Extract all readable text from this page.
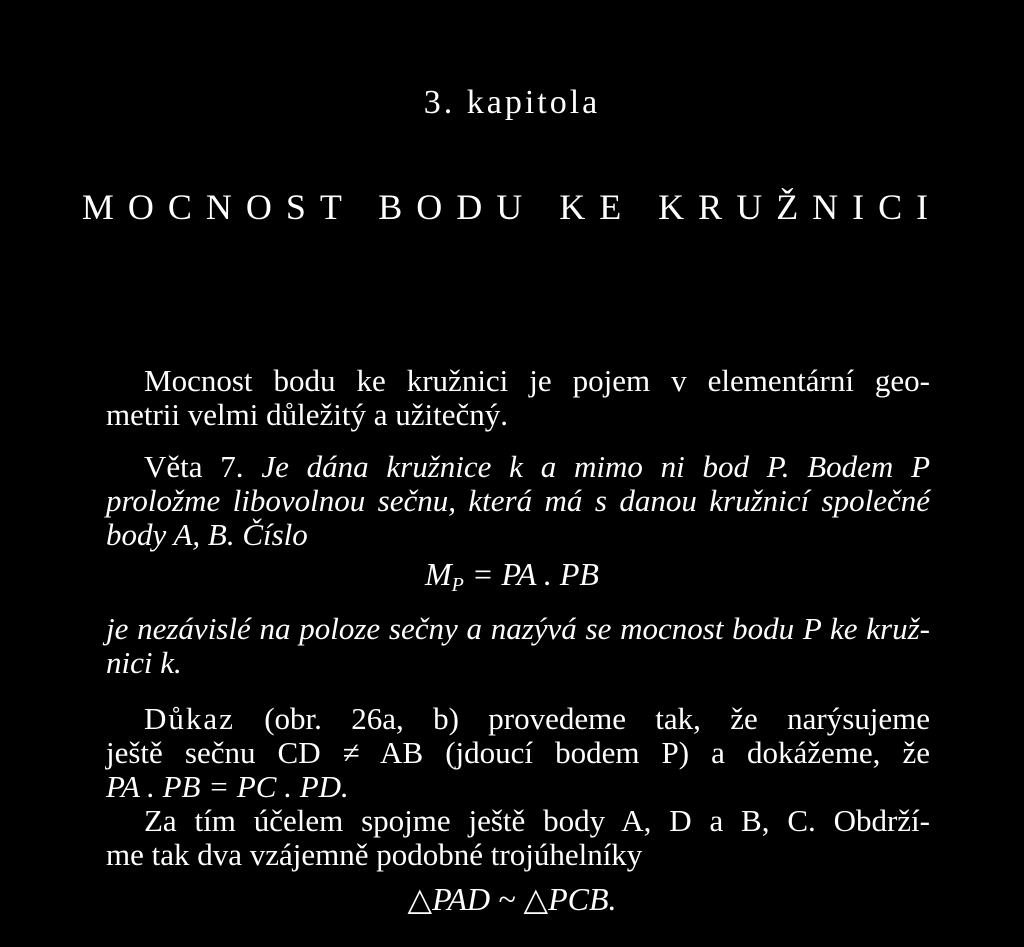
3. kapitola
MOCNOST BODU KE KRUŽNICI
Mocnost bodu ke kružnici je pojem v elementární geo-
metrii velmi důležitý a užitečný.
Věta 7. Je dána kružnice k a mimo ni bod P. Bodem P
proložme libovolnou sečnu, která má s danou kružnicí společné
body A, B. Číslo
$M_P$ = PA . PB
je nezávislé na poloze sečny a nazývá se mocnost bodu P ke kruž-
nici k.
Důkaz (obr. 26a, b) provedeme tak, že narýsujeme
ještě sečnu CD ≠ AB (jdoucí bodem P) a dokážeme, že
PA . PB = PC . PD.
Za tím účelem spojme ještě body A, D a B, C. Obdrží-
me tak dva vzájemně podobné trojúhelníky
△PAD ~ △PCB.
